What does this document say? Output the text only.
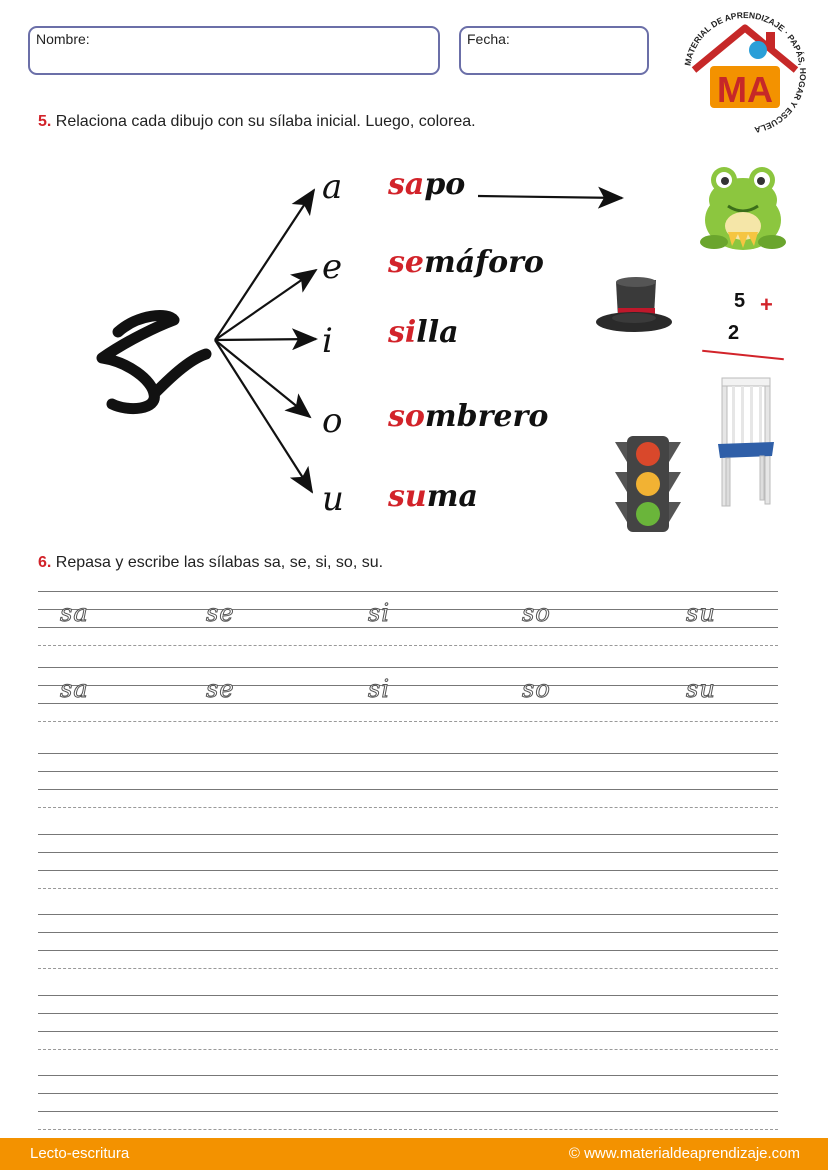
Nombre:	Fecha:
MA
MATERIAL DE APRENDIZAJE · PAPÁS, HOGAR Y ESCUELA
5. Relaciona cada dibujo con su sílaba inicial. Luego, colorea.
a
e
i
o
u
sapo
semáforo
silla
sombrero
suma
5 +
2
6. Repasa y escribe las sílabas sa, se, si, so, su.
sa	se	si	so	su
sa	se	si	so	su
Lecto-escritura	© www.materialdeaprendizaje.com
